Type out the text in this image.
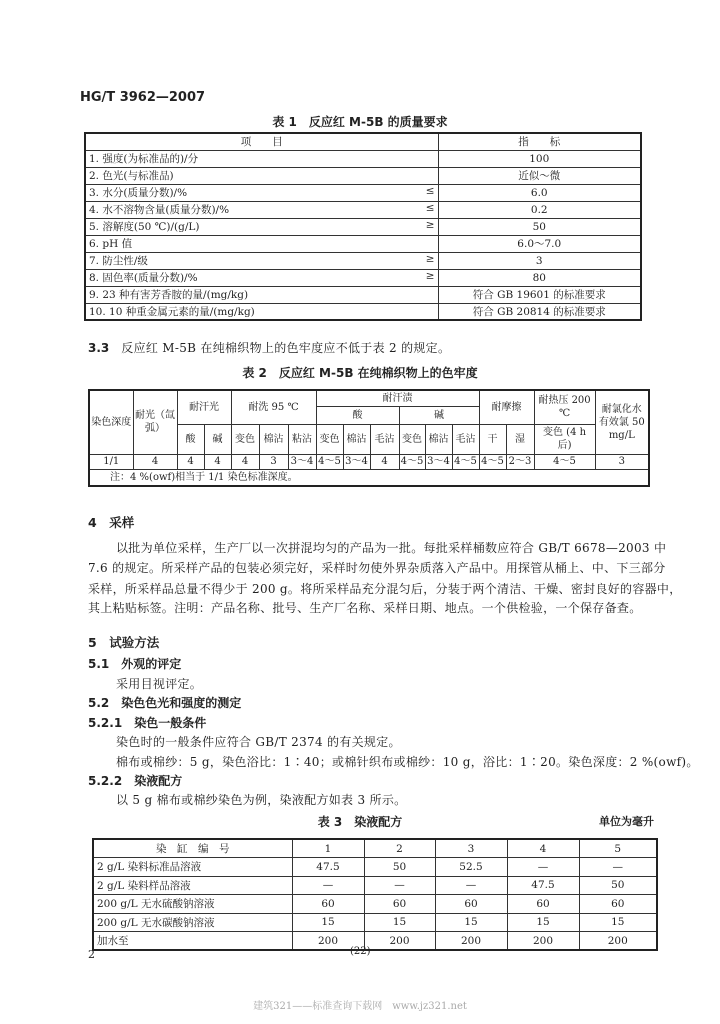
HG/T 3962—2007
表 1　反应红 M-5B 的质量要求
项　　目	指　　标
1. 强度(为标准品的)/分	100
2. 色光(与标准品)	近似～微
3. 水分(质量分数)/% ≤	6.0
4. 水不溶物含量(质量分数)/% ≤	0.2
5. 溶解度(50 ℃)/(g/L) ≥	50
6. pH 值	6.0～7.0
7. 防尘性/级 ≥	3
8. 固色率(质量分数)/% ≥	80
9. 23 种有害芳香胺的量/(mg/kg)	符合 GB 19601 的标准要求
10. 10 种重金属元素的量/(mg/kg)	符合 GB 20814 的标准要求
3.3　 反应红 M-5B 在纯棉织物上的色牢度应不低于表 2 的规定。
表 2　反应红 M-5B 在纯棉织物上的色牢度
染色深度	耐光（氙弧）	耐汗光		耐洗 95 ℃			耐汗渍						耐摩擦		耐热压 200 ℃	耐氯化水 有效氯 50 mg/L
							酸			碱						
		酸	碱	变色	棉沾	粘沾	变色	棉沾	毛沾	变色	棉沾	毛沾	干	湿	变色 (4 h 后)	
1/1	4	4	4	4	3	3～4	4～5	3～4	4	4～5	3～4	4～5	4～5	2～3	4～5	3
注：4 %(owf)相当于 1/1 染色标准深度。																
4　 采样
以批为单位采样，生产厂以一次拼混均匀的产品为一批。每批采样桶数应符合 GB/T 6678—2003 中
7.6 的规定。所采样产品的包装必须完好，采样时勿使外界杂质落入产品中。用探管从桶上、中、下三部分
采样，所采样品总量不得少于 200 g。将所采样品充分混匀后，分装于两个清洁、干燥、密封良好的容器中，
其上粘贴标签。注明：产品名称、批号、生产厂名称、采样日期、地点。一个供检验，一个保存备查。
5　 试验方法
5.1　 外观的评定
采用目视评定。
5.2　 染色色光和强度的测定
5.2.1　 染色一般条件
染色时的一般条件应符合 GB/T 2374 的有关规定。
棉布或棉纱：5 g，染色浴比：1∶40；或棉针织布或棉纱：10 g，浴比：1∶20。染色深度：2 %(owf)。
5.2.2　 染液配方
以 5 g 棉布或棉纱染色为例，染液配方如表 3 所示。
表 3　染液配方	单位为毫升
染　缸　编　号	1	2	3	4	5
2 g/L 染料标准品溶液	47.5	50	52.5	—	—
2 g/L 染料样品溶液	—	—	—	47.5	50
200 g/L 无水硫酸钠溶液	60	60	60	60	60
200 g/L 无水碳酸钠溶液	15	15	15	15	15
加水至	200	200	200	200	200
2	(22)
建筑321——标准查询下载网　www.jz321.net
